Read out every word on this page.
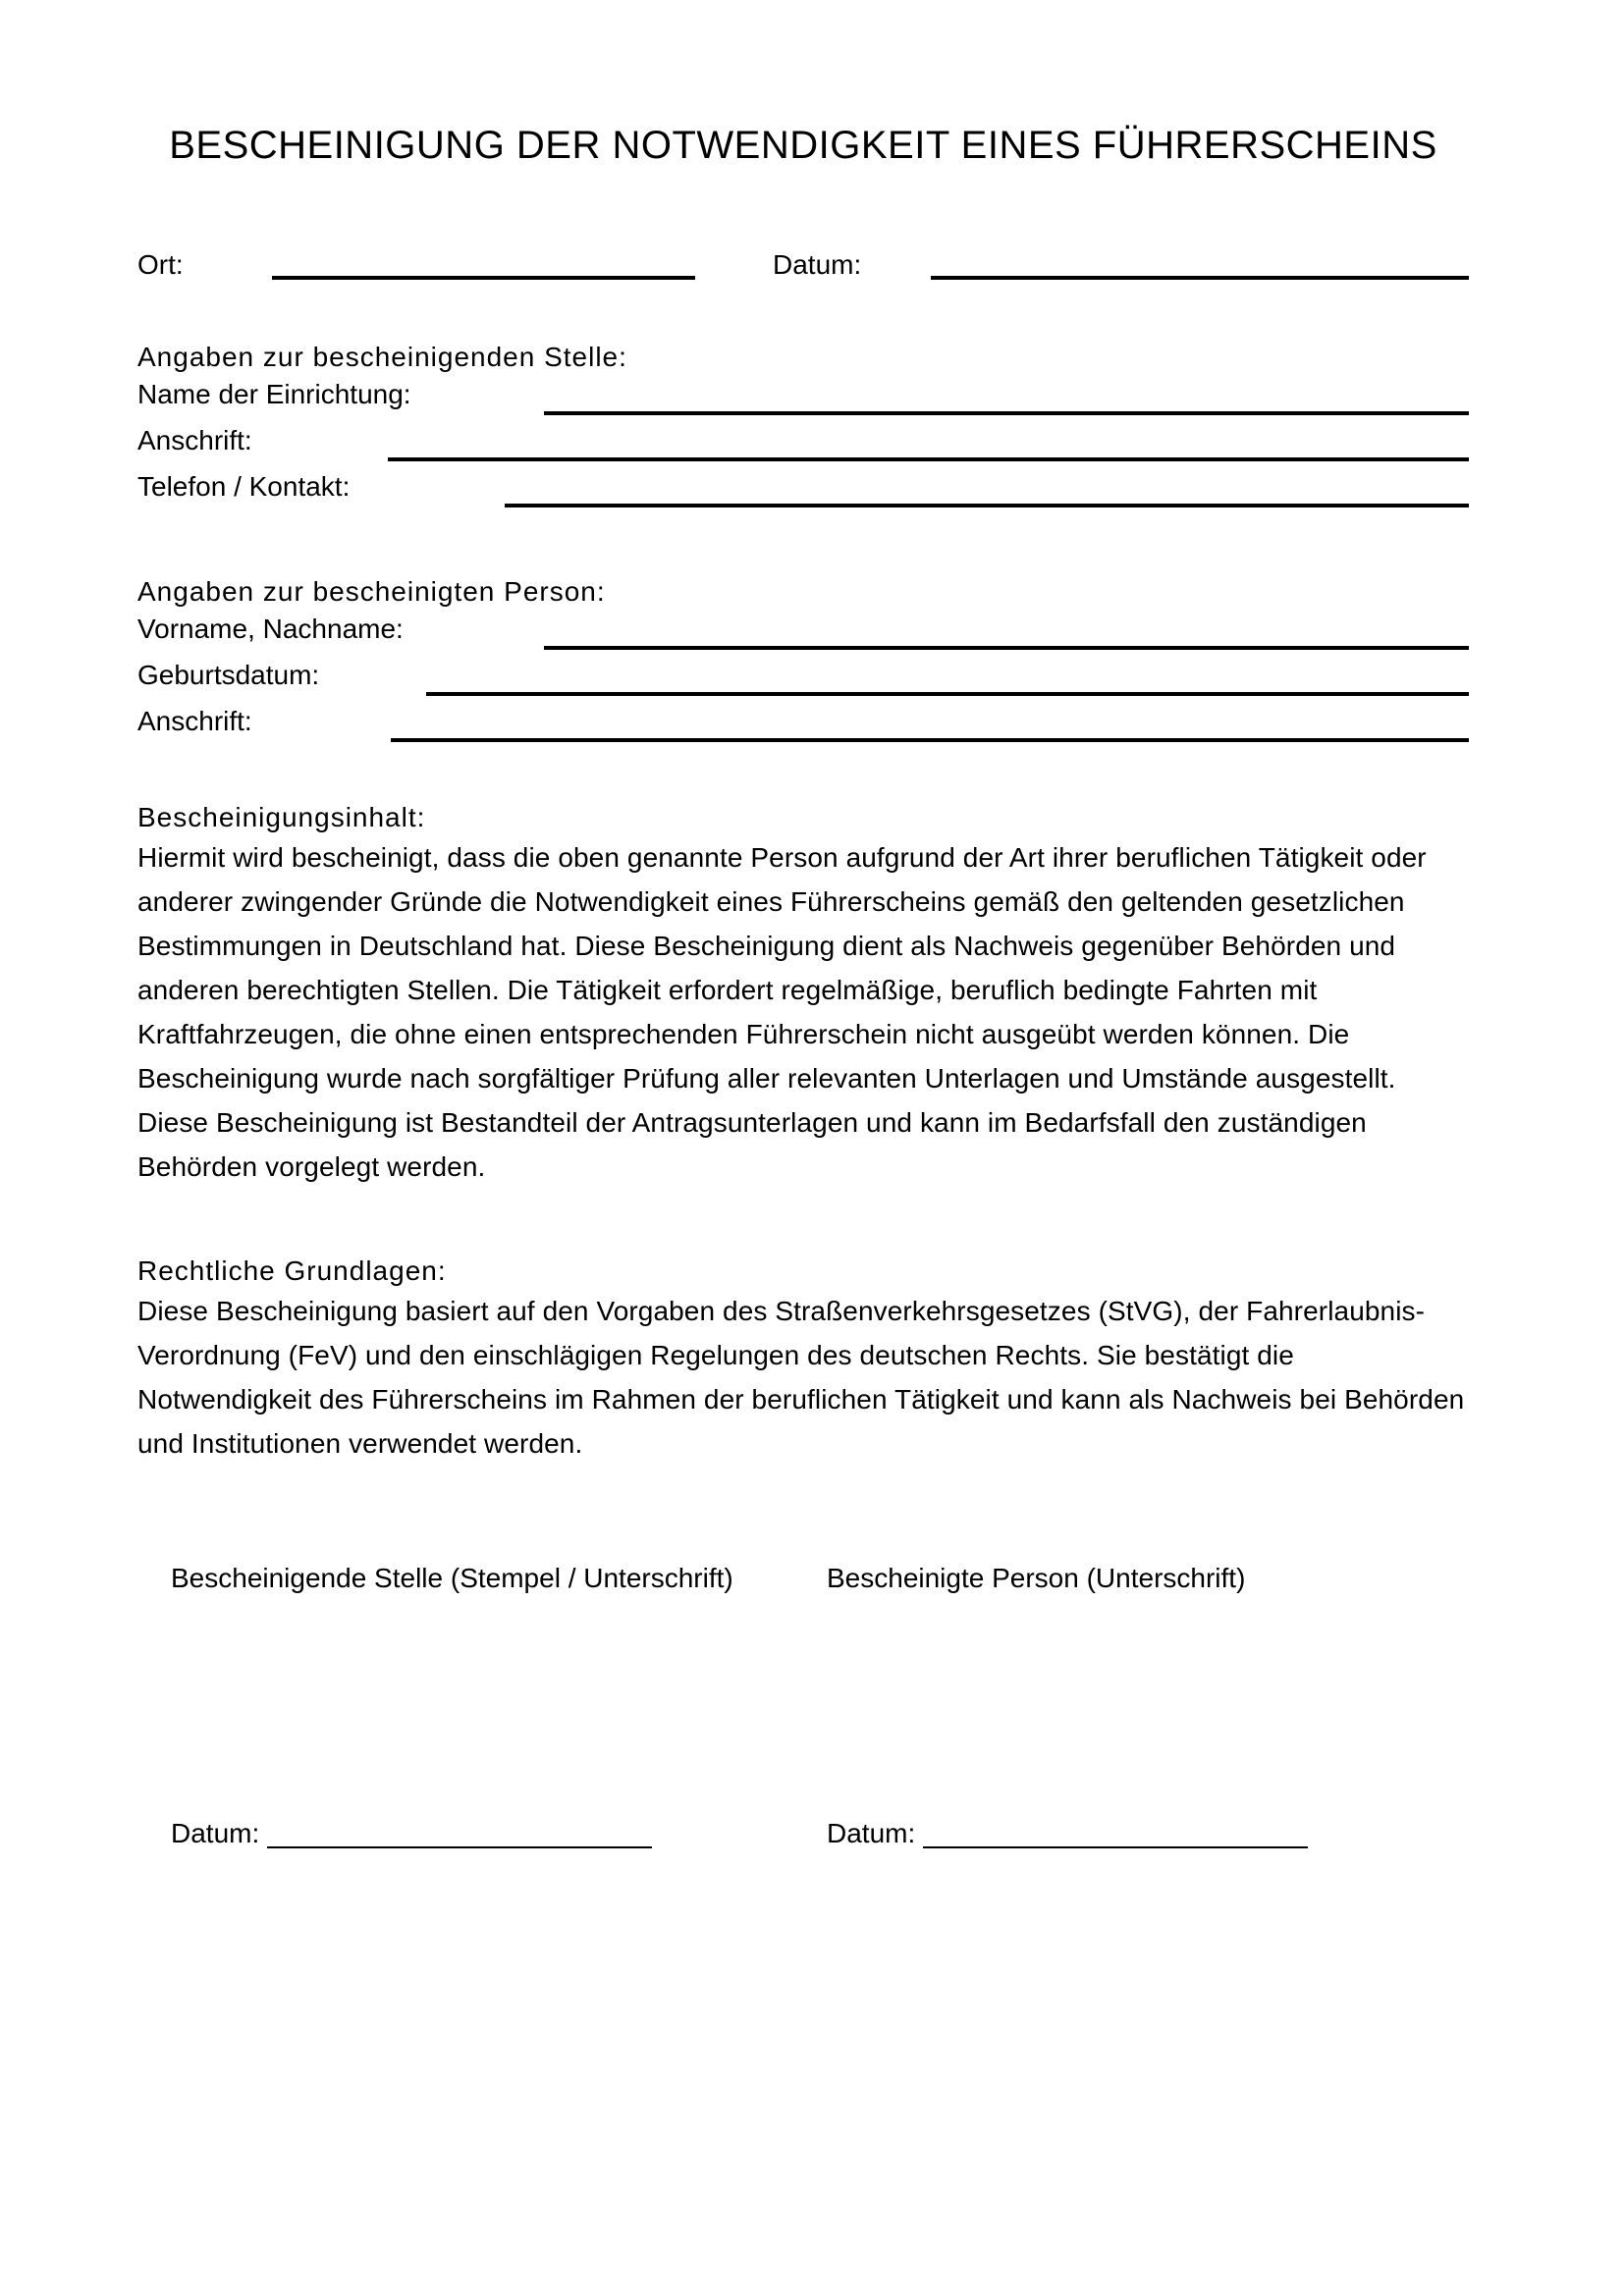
BESCHEINIGUNG DER NOTWENDIGKEIT EINES FÜHRERSCHEINS
Ort:	Datum:
Angaben zur bescheinigenden Stelle:
Name der Einrichtung:
Anschrift:
Telefon / Kontakt:
Angaben zur bescheinigten Person:
Vorname, Nachname:
Geburtsdatum:
Anschrift:
Bescheinigungsinhalt:

Hiermit wird bescheinigt, dass die oben genannte Person aufgrund der Art ihrer beruflichen Tätigkeit oder anderer zwingender Gründe die Notwendigkeit eines Führerscheins gemäß den geltenden gesetzlichen Bestimmungen in Deutschland hat. Diese Bescheinigung dient als Nachweis gegenüber Behörden und anderen berechtigten Stellen. Die Tätigkeit erfordert regelmäßige, beruflich bedingte Fahrten mit Kraftfahrzeugen, die ohne einen entsprechenden Führerschein nicht ausgeübt werden können. Die Bescheinigung wurde nach sorgfältiger Prüfung aller relevanten Unterlagen und Umstände ausgestellt. Diese Bescheinigung ist Bestandteil der Antragsunterlagen und kann im Bedarfsfall den zuständigen Behörden vorgelegt werden.

Rechtliche Grundlagen:

Diese Bescheinigung basiert auf den Vorgaben des Straßenverkehrsgesetzes (StVG), der Fahrerlaubnis-Verordnung (FeV) und den einschlägigen Regelungen des deutschen Rechts. Sie bestätigt die Notwendigkeit des Führerscheins im Rahmen der beruflichen Tätigkeit und kann als Nachweis bei Behörden und Institutionen verwendet werden.

Bescheinigende Stelle (Stempel / Unterschrift)	Bescheinigte Person (Unterschrift)
Datum:	Datum:
